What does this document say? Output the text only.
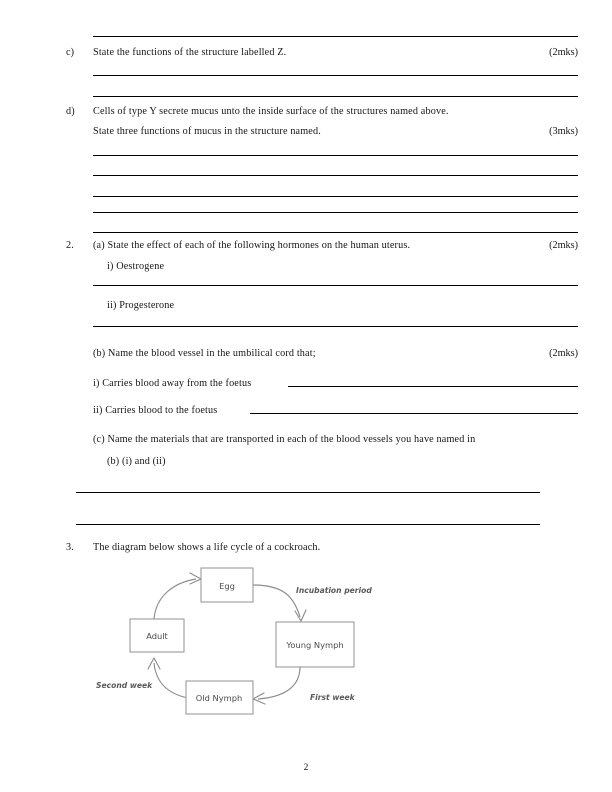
c) State the functions of the structure labelled Z.	(2mks)
d) Cells of type Y secrete mucus unto the inside surface of the structures named above.
State three functions of mucus in the structure named.	(3mks)
2. (a) State the effect of each of the following hormones on the human uterus.	(2mks)
i) Oestrogene
ii) Progesterone
(b) Name the blood vessel in the umbilical cord that;	(2mks)
i) Carries blood away from the foetus
ii) Carries blood to the foetus
(c) Name the materials that are transported in each of the blood vessels you have named in
(b) (i) and (ii)
3. The diagram below shows a life cycle of a cockroach.
Egg
Young Nymph
Old Nymph
Adult
Incubation period
First week
Second week
2
